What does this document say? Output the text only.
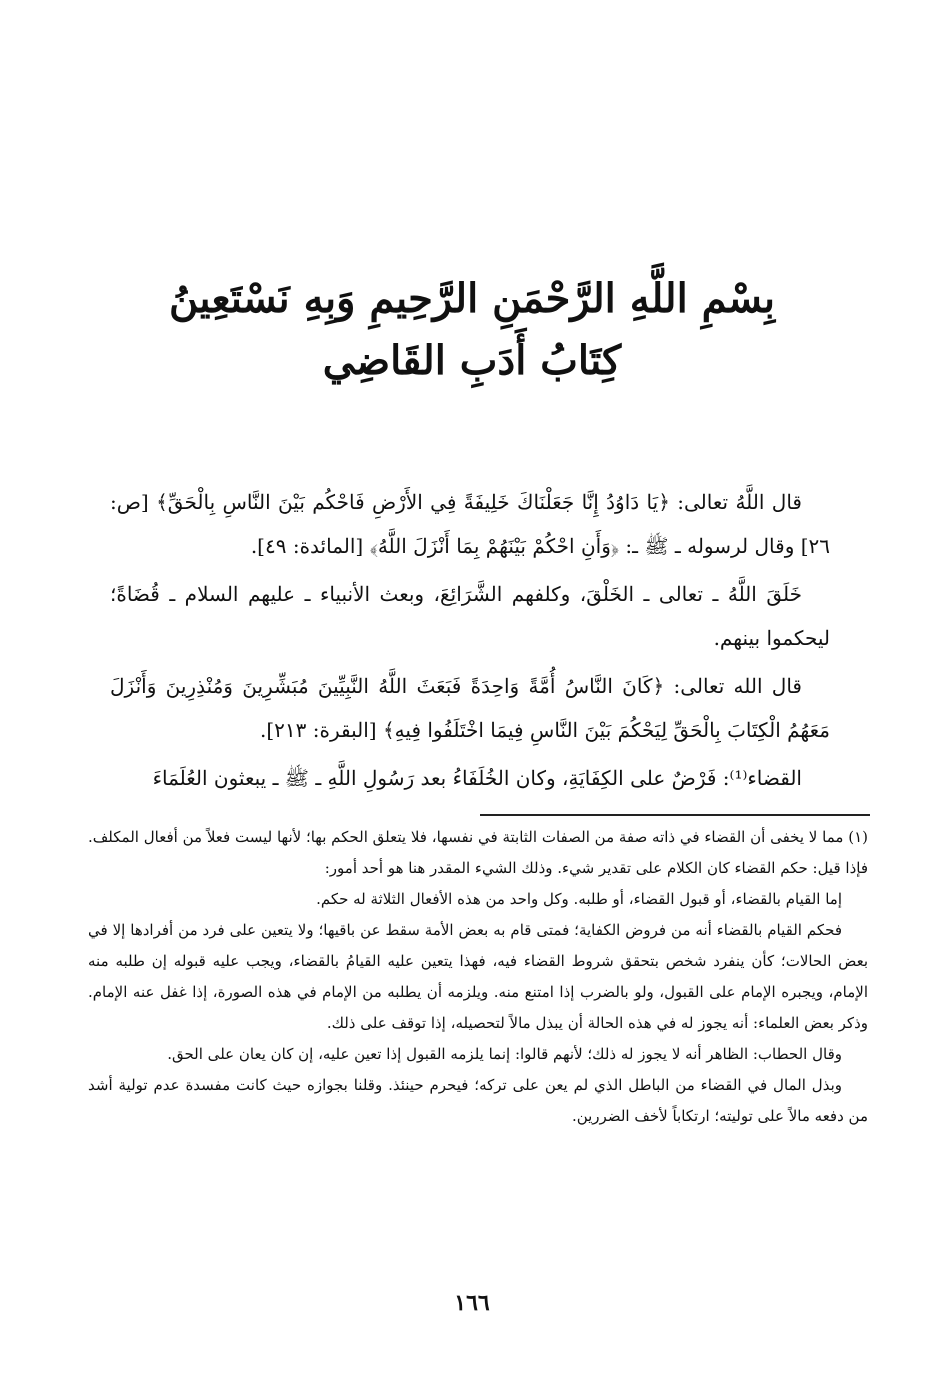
بِسْمِ اللَّهِ الرَّحْمَنِ الرَّحِيمِ وَبِهِ نَسْتَعِينُ
كِتَابُ أَدَبِ القَاضِي

قال اللَّهُ تعالى: ﴿يَا دَاوُدُ إِنَّا جَعَلْنَاكَ خَلِيفَةً فِي الأَرْضِ فَاحْكُم بَيْنَ النَّاسِ بِالْحَقِّ﴾ [ص: ٢٦] وقال لرسوله ـ ﷺ ـ: ﴿وَأَنِ احْكُمْ بَيْنَهُمْ بِمَا أَنْزَلَ اللَّهُ﴾ [المائدة: ٤٩].

خَلَقَ اللَّهُ ـ تعالى ـ الخَلْقَ، وكلفهم الشَّرَائِعَ، وبعث الأنبياء ـ عليهم السلام ـ قُضَاةً؛ ليحكموا بينهم.

قال الله تعالى: ﴿كَانَ النَّاسُ أُمَّةً وَاحِدَةً فَبَعَثَ اللَّهُ النَّبِيِّينَ مُبَشِّرِينَ وَمُنْذِرِينَ وَأَنْزَلَ مَعَهُمُ الْكِتَابَ بِالْحَقِّ لِيَحْكُمَ بَيْنَ النَّاسِ فِيمَا اخْتَلَفُوا فِيهِ﴾ [البقرة: ٢١٣].

القضاء⁽¹⁾: فَرْضٌ على الكِفَايَةِ، وكان الخُلَفَاءُ بعد رَسُولِ اللَّهِ ـ ﷺ ـ يبعثون العُلَمَاءَ

(١) مما لا يخفى أن القضاء في ذاته صفة من الصفات الثابتة في نفسها، فلا يتعلق الحكم بها؛ لأنها ليست فعلاً من أفعال المكلف. فإذا قيل: حكم القضاء كان الكلام على تقدير شيء. وذلك الشيء المقدر هنا هو أحد أمور:

إما القيام بالقضاء، أو قبول القضاء، أو طلبه. وكل واحد من هذه الأفعال الثلاثة له حكم.

فحكم القيام بالقضاء أنه من فروض الكفاية؛ فمتى قام به بعض الأمة سقط عن باقيها؛ ولا يتعين على فرد من أفرادها إلا في بعض الحالات؛ كأن ينفرد شخص بتحقق شروط القضاء فيه، فهذا يتعين عليه القيامُ بالقضاء، ويجب عليه قبوله إن طلبه منه الإمام، ويجبره الإمام على القبول، ولو بالضرب إذا امتنع منه. ويلزمه أن يطلبه من الإمام في هذه الصورة، إذا غفل عنه الإمام. وذكر بعض العلماء: أنه يجوز له في هذه الحالة أن يبذل مالاً لتحصيله، إذا توقف على ذلك.

وقال الحطاب: الظاهر أنه لا يجوز له ذلك؛ لأنهم قالوا: إنما يلزمه القبول إذا تعين عليه، إن كان يعان على الحق.

وبذل المال في القضاء من الباطل الذي لم يعن على تركه؛ فيحرم حينئذ. وقلنا بجوازه حيث كانت مفسدة عدم تولية أشد من دفعه مالاً على توليته؛ ارتكاباً لأخف الضررين.

١٦٦
